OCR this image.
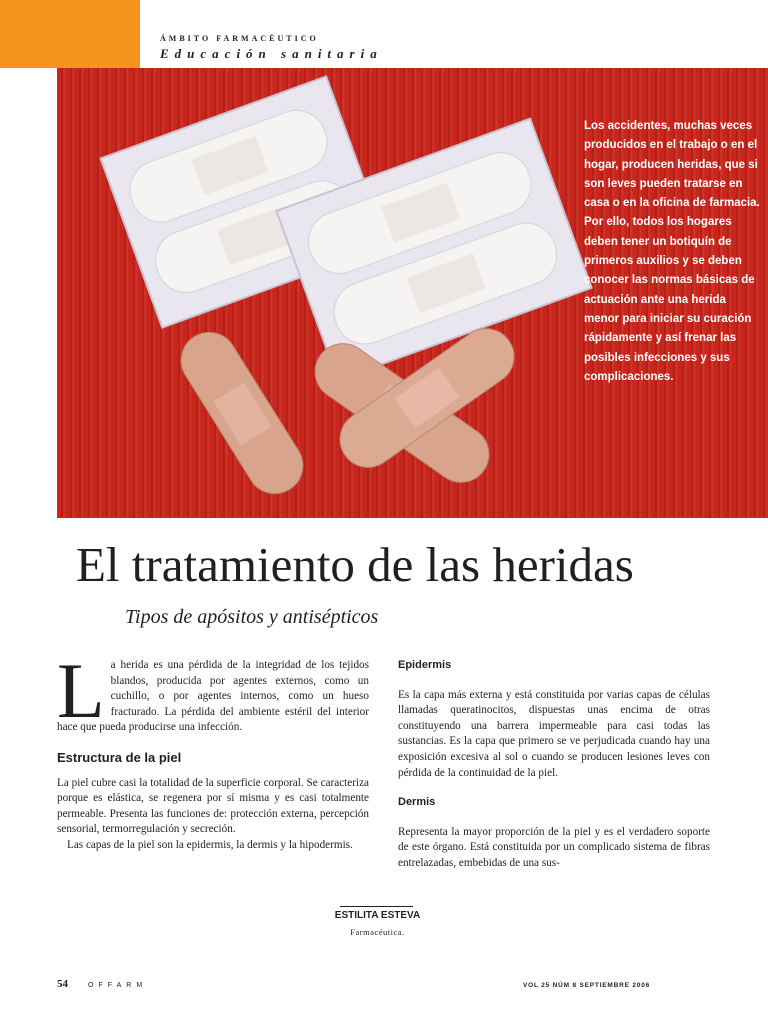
ÁMBITO FARMACÉUTICO
Educación sanitaria
Los accidentes, muchas veces producidos en el trabajo o en el hogar, producen heridas, que si son leves pueden tratarse en casa o en la oficina de farmacia. Por ello, todos los hogares deben tener un botiquín de primeros auxilios y se deben conocer las normas básicas de actuación ante una herida menor para iniciar su curación rápidamente y así frenar las posibles infecciones y sus complicaciones.
El tratamiento de las heridas
Tipos de apósitos y antisépticos

La herida es una pérdida de la integridad de los tejidos blandos, producida por agentes externos, como un cuchillo, o por agentes internos, como un hueso fracturado. La pérdida del ambiente estéril del interior hace que pueda producirse una infección.

Estructura de la piel

La piel cubre casi la totalidad de la superficie corporal. Se caracteriza porque es elástica, se regenera por sí misma y es casi totalmente permeable. Presenta las funciones de: protección externa, percepción sensorial, termorregulación y secreción.

Las capas de la piel son la epidermis, la dermis y la hipodermis.

Epidermis

Es la capa más externa y está constituida por varias capas de células llamadas queratinocitos, dispuestas unas encima de otras constituyendo una barrera impermeable para casi todas las sustancias. Es la capa que primero se ve perjudicada cuando hay una exposición excesiva al sol o cuando se producen lesiones leves con pérdida de la continuidad de la piel.

Dermis

Representa la mayor proporción de la piel y es el verdadero soporte de este órgano. Está constituida por un complicado sistema de fibras entrelazadas, embebidas de una sus-

ESTILITA ESTEVA
Farmacéutica.
54	OFFARM	VOL 25 NÚM 8 SEPTIEMBRE 2006
